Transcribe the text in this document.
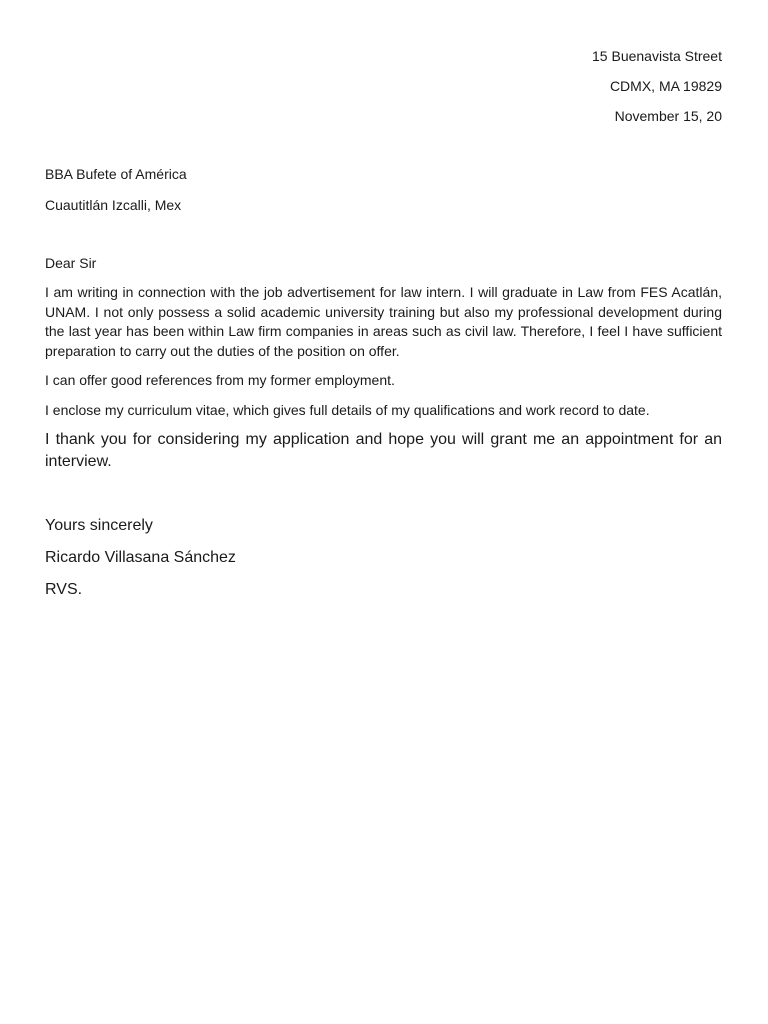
15 Buenavista Street
CDMX, MA 19829
November 15, 20
BBA Bufete of América
Cuautitlán Izcalli, Mex
Dear Sir

I am writing in connection with the job advertisement for law intern. I will graduate in Law from FES Acatlán, UNAM. I not only possess a solid academic university training but also my professional development during the last year has been within Law firm companies in areas such as civil law. Therefore, I feel I have sufficient preparation to carry out the duties of the position on offer.

I can offer good references from my former employment.

I enclose my curriculum vitae, which gives full details of my qualifications and work record to date.

I thank you for considering my application and hope you will grant me an appointment for an interview.

Yours sincerely
Ricardo Villasana Sánchez
RVS.
